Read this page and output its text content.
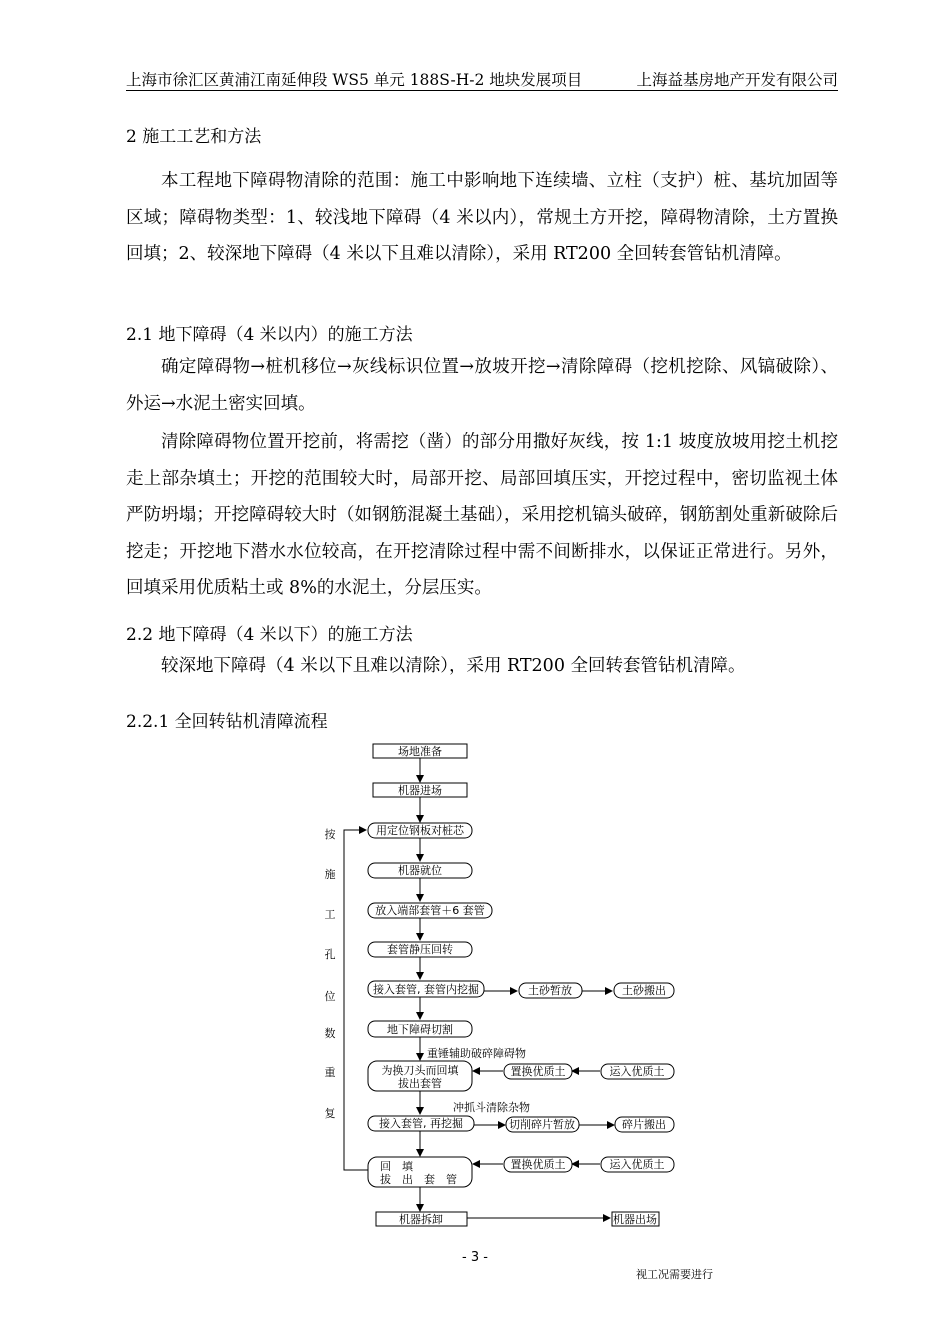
上海市徐汇区黄浦江南延伸段 WS5 单元 188S-H-2 地块发展项目	上海益基房地产开发有限公司
2 施工工艺和方法
本工程地下障碍物清除的范围：施工中影响地下连续墙、立柱（支护）桩、基坑加固等区域；障碍物类型：1、较浅地下障碍（4 米以内），常规土方开挖，障碍物清除，土方置换回填；2、较深地下障碍（4 米以下且难以清除），采用 RT200 全回转套管钻机清障。
2.1 地下障碍（4 米以内）的施工方法
确定障碍物→桩机移位→灰线标识位置→放坡开挖→清除障碍（挖机挖除、风镐破除）、外运→水泥土密实回填。
清除障碍物位置开挖前，将需挖（凿）的部分用撒好灰线，按 1:1 坡度放坡用挖土机挖走上部杂填土；开挖的范围较大时，局部开挖、局部回填压实，开挖过程中，密切监视土体严防坍塌；开挖障碍较大时（如钢筋混凝土基础），采用挖机镐头破碎，钢筋割处重新破除后挖走；开挖地下潜水水位较高，在开挖清除过程中需不间断排水，以保证正常进行。另外，回填采用优质粘土或 8%的水泥土，分层压实。
2.2 地下障碍（4 米以下）的施工方法
较深地下障碍（4 米以下且难以清除），采用 RT200 全回转套管钻机清障。
2.2.1 全回转钻机清障流程
场地准备
机器进场
用定位钢板对桩芯
机器就位
放入端部套管＋6 套管
套管静压回转
接入套管, 套管内挖掘	土砂暂放	土砂搬出
地下障碍切割
重锤辅助破碎障碍物
为换刀头而回填
拔出套管
置换优质土	运入优质土
冲抓斗清除杂物
接入套管, 再挖掘	切削碎片暂放	碎片搬出
回　填
拔　出　套　管
置换优质土	运入优质土
机器拆卸	机器出场
按
施
工
孔
位
数
重
复
- 3 -
视工况需要进行
